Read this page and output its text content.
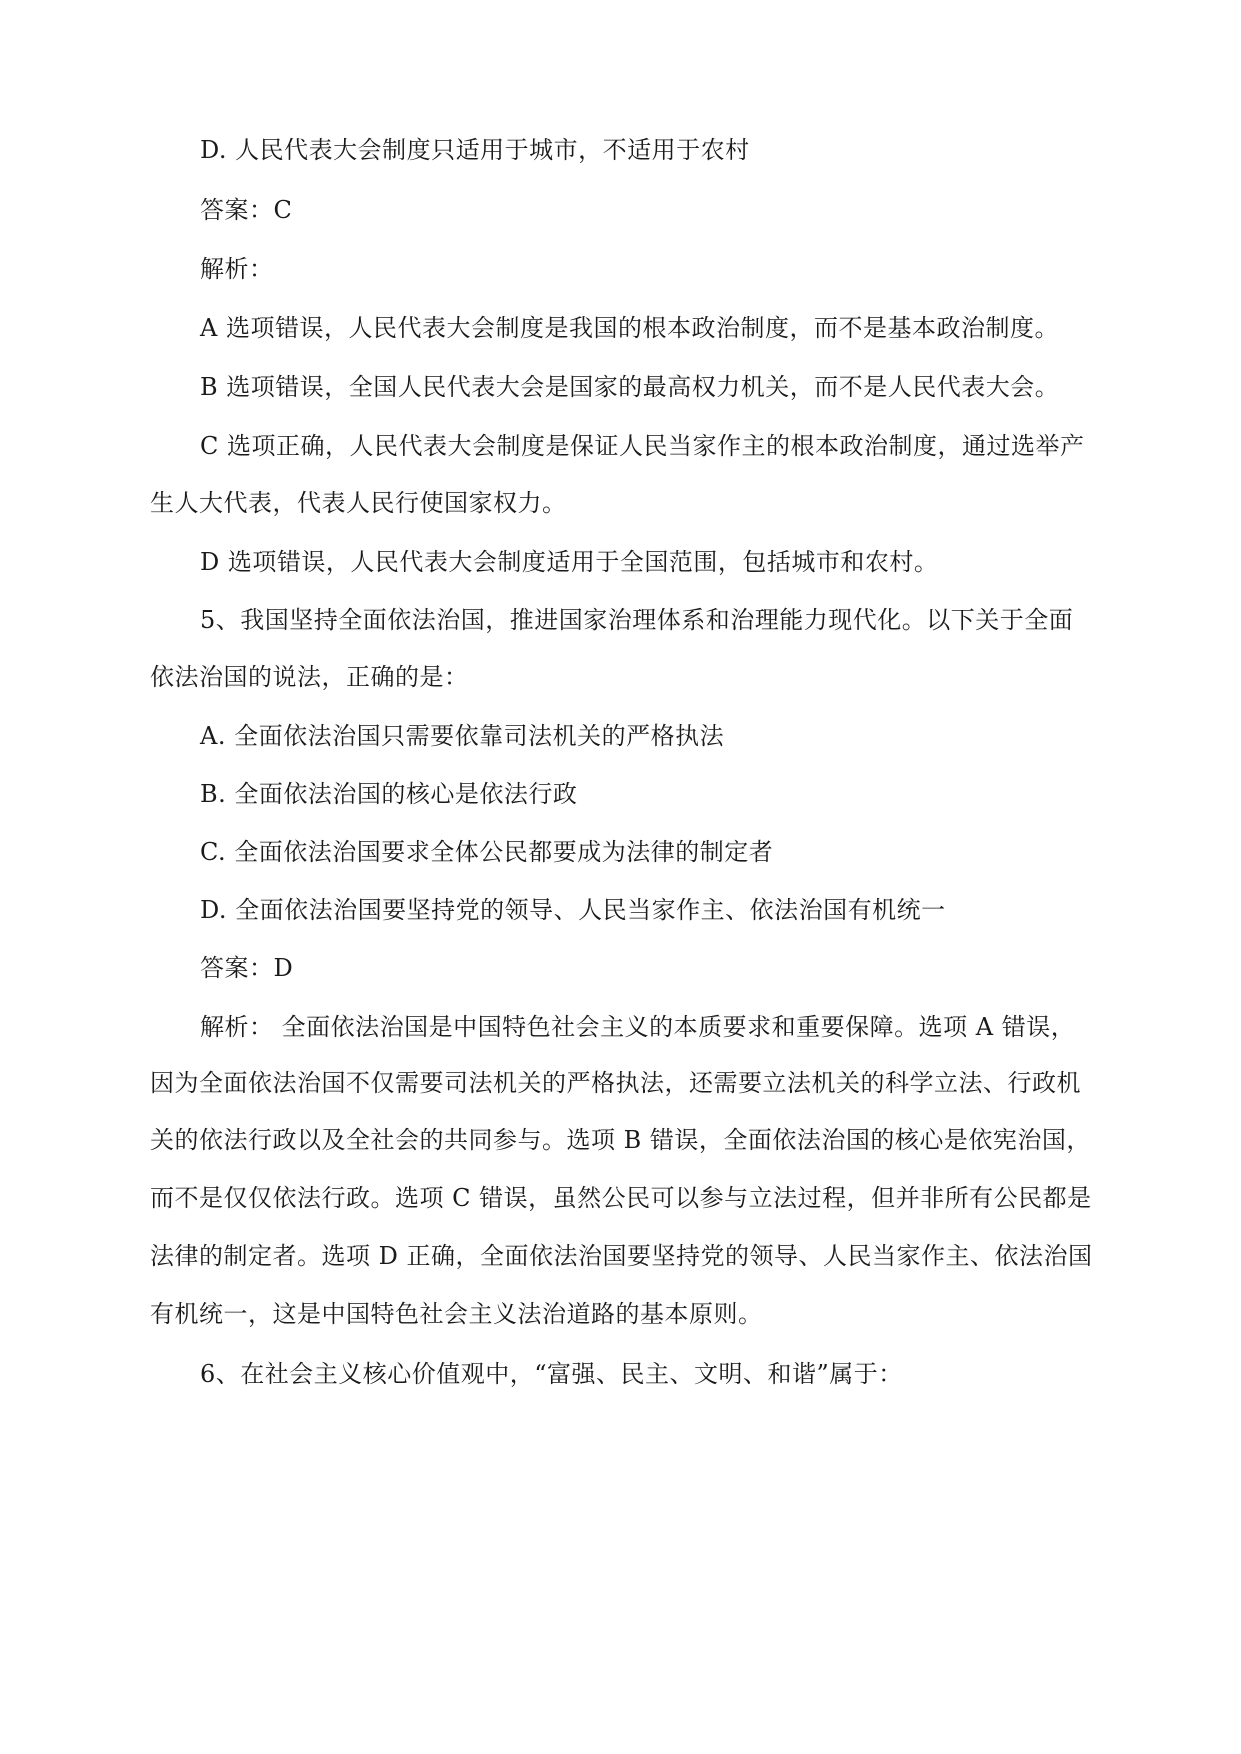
D. 人民代表大会制度只适用于城市，不适用于农村
答案：C
解析：
A 选项错误，人民代表大会制度是我国的根本政治制度，而不是基本政治制度。
B 选项错误，全国人民代表大会是国家的最高权力机关，而不是人民代表大会。
C 选项正确，人民代表大会制度是保证人民当家作主的根本政治制度，通过选举产
生人大代表，代表人民行使国家权力。
D 选项错误，人民代表大会制度适用于全国范围，包括城市和农村。
5、我国坚持全面依法治国，推进国家治理体系和治理能力现代化。以下关于全面
依法治国的说法，正确的是：
A. 全面依法治国只需要依靠司法机关的严格执法
B. 全面依法治国的核心是依法行政
C. 全面依法治国要求全体公民都要成为法律的制定者
D. 全面依法治国要坚持党的领导、人民当家作主、依法治国有机统一
答案：D
解析： 全面依法治国是中国特色社会主义的本质要求和重要保障。选项 A 错误，
因为全面依法治国不仅需要司法机关的严格执法，还需要立法机关的科学立法、行政机
关的依法行政以及全社会的共同参与。选项 B 错误，全面依法治国的核心是依宪治国，
而不是仅仅依法行政。选项 C 错误，虽然公民可以参与立法过程，但并非所有公民都是
法律的制定者。选项 D 正确，全面依法治国要坚持党的领导、人民当家作主、依法治国
有机统一，这是中国特色社会主义法治道路的基本原则。
6、在社会主义核心价值观中，“富强、民主、文明、和谐”属于：
